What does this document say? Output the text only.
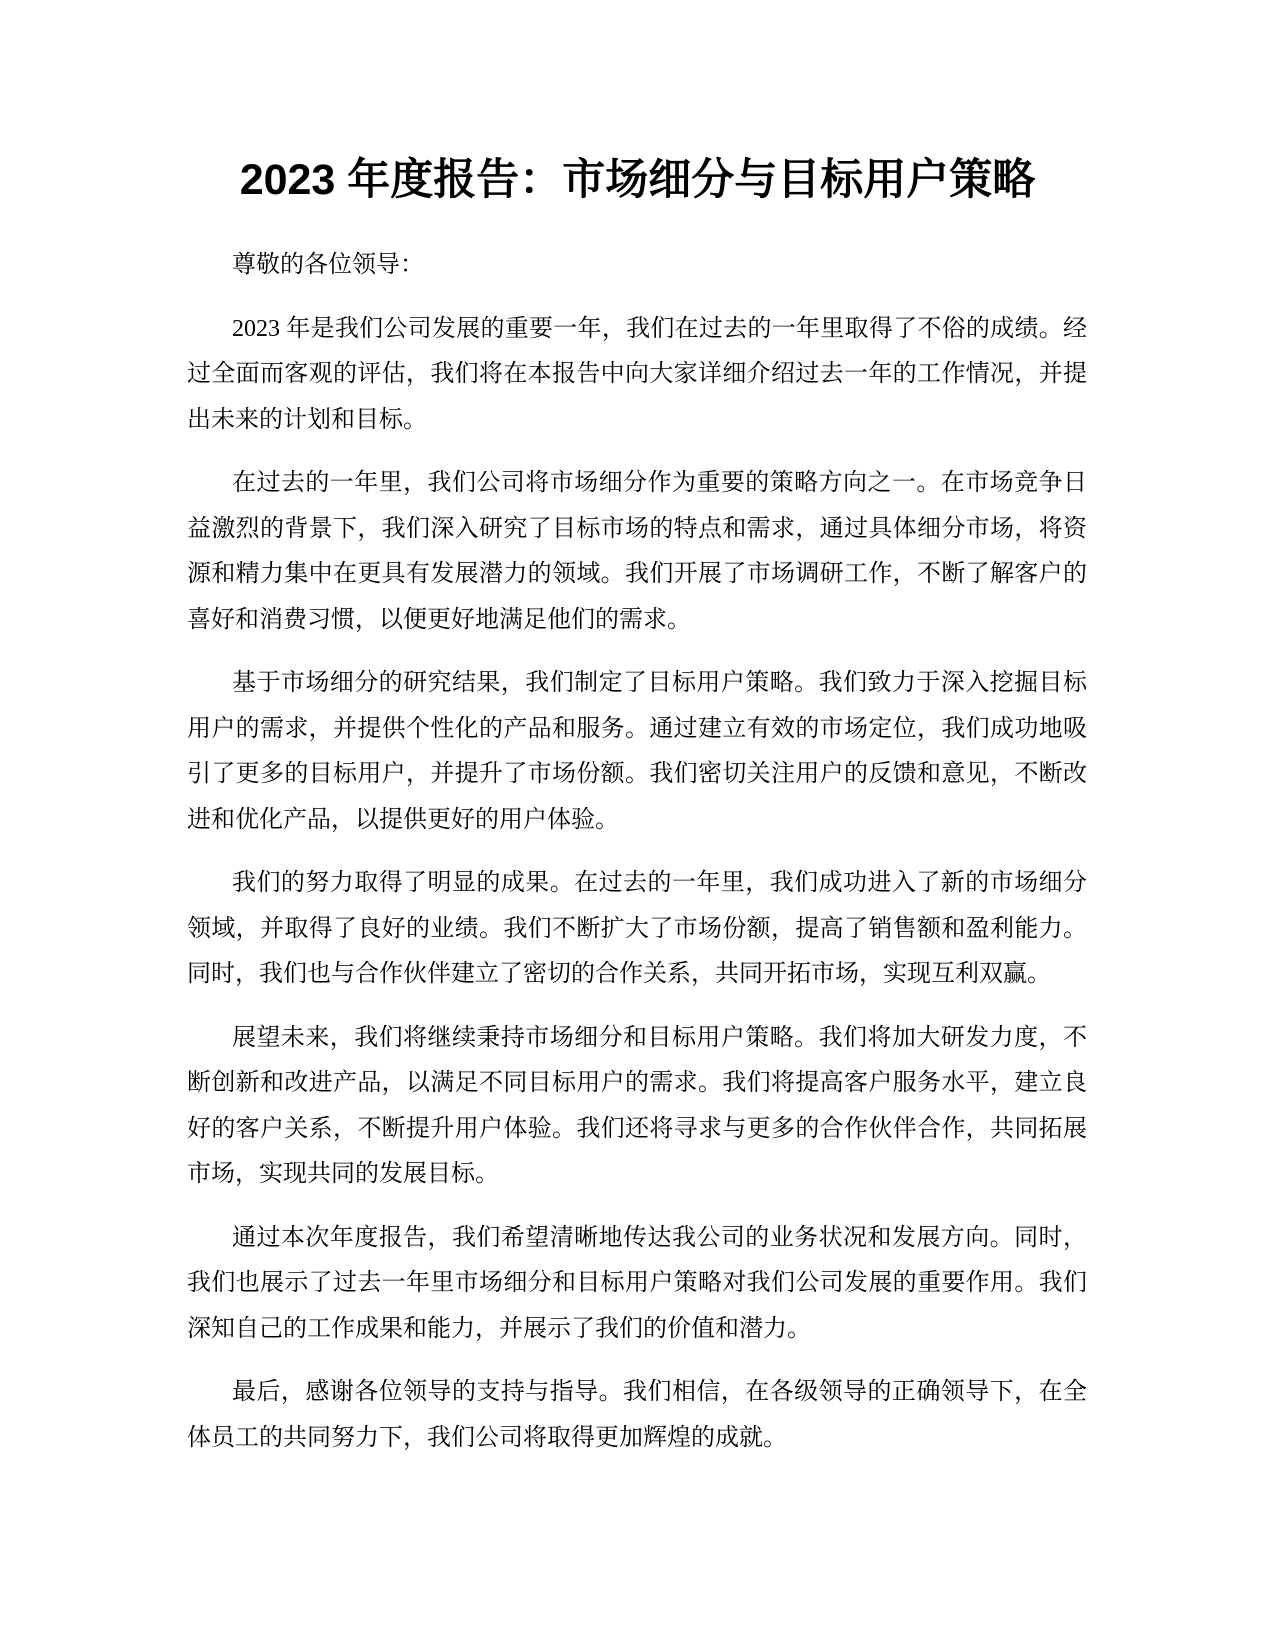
2023 年度报告：市场细分与目标用户策略

尊敬的各位领导：

2023 年是我们公司发展的重要一年，我们在过去的一年里取得了不俗的成绩。经过全面而客观的评估，我们将在本报告中向大家详细介绍过去一年的工作情况，并提出未来的计划和目标。

在过去的一年里，我们公司将市场细分作为重要的策略方向之一。在市场竞争日益激烈的背景下，我们深入研究了目标市场的特点和需求，通过具体细分市场，将资源和精力集中在更具有发展潜力的领域。我们开展了市场调研工作，不断了解客户的喜好和消费习惯，以便更好地满足他们的需求。

基于市场细分的研究结果，我们制定了目标用户策略。我们致力于深入挖掘目标用户的需求，并提供个性化的产品和服务。通过建立有效的市场定位，我们成功地吸引了更多的目标用户，并提升了市场份额。我们密切关注用户的反馈和意见，不断改进和优化产品，以提供更好的用户体验。

我们的努力取得了明显的成果。在过去的一年里，我们成功进入了新的市场细分领域，并取得了良好的业绩。我们不断扩大了市场份额，提高了销售额和盈利能力。同时，我们也与合作伙伴建立了密切的合作关系，共同开拓市场，实现互利双赢。

展望未来，我们将继续秉持市场细分和目标用户策略。我们将加大研发力度，不断创新和改进产品，以满足不同目标用户的需求。我们将提高客户服务水平，建立良好的客户关系，不断提升用户体验。我们还将寻求与更多的合作伙伴合作，共同拓展市场，实现共同的发展目标。

通过本次年度报告，我们希望清晰地传达我公司的业务状况和发展方向。同时，我们也展示了过去一年里市场细分和目标用户策略对我们公司发展的重要作用。我们深知自己的工作成果和能力，并展示了我们的价值和潜力。

最后，感谢各位领导的支持与指导。我们相信，在各级领导的正确领导下，在全体员工的共同努力下，我们公司将取得更加辉煌的成就。
